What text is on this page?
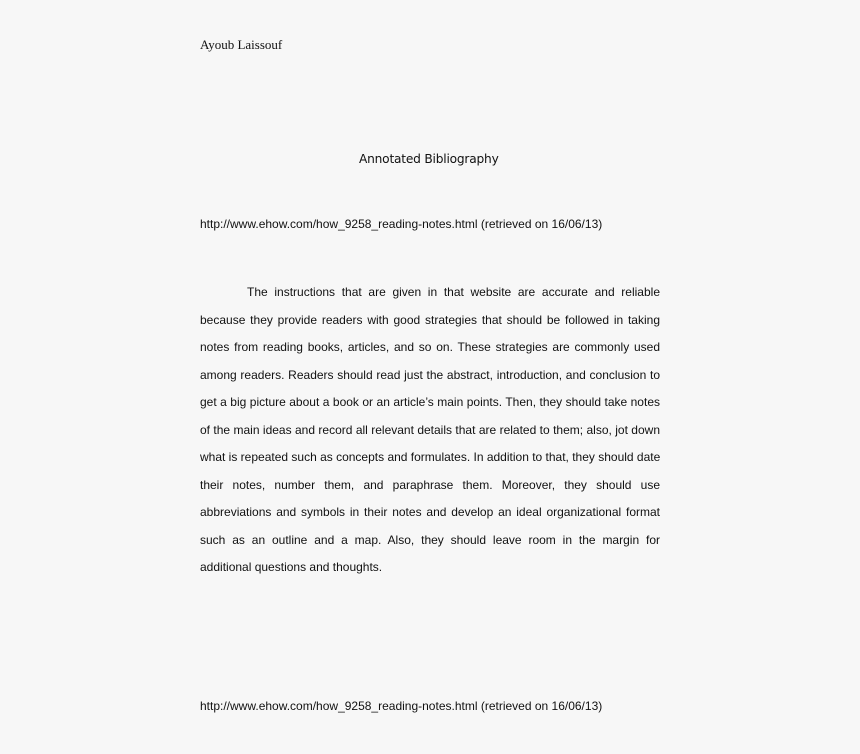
Ayoub Laissouf
Annotated Bibliography
http://www.ehow.com/how_9258_reading-notes.html (retrieved on 16/06/13)
The instructions that are given in that website are accurate and reliable
because they provide readers with good strategies that should be followed in taking
notes from reading books, articles, and so on. These strategies are commonly used
among readers. Readers should read just the abstract, introduction, and conclusion to
get a big picture about a book or an article’s main points. Then, they should take notes
of the main ideas and record all relevant details that are related to them; also, jot down
what is repeated such as concepts and formulates. In addition to that, they should date
their notes, number them, and paraphrase them. Moreover, they should use
abbreviations and symbols in their notes and develop an ideal organizational format
such as an outline and a map. Also, they should leave room in the margin for
additional questions and thoughts.
http://www.ehow.com/how_9258_reading-notes.html (retrieved on 16/06/13)
